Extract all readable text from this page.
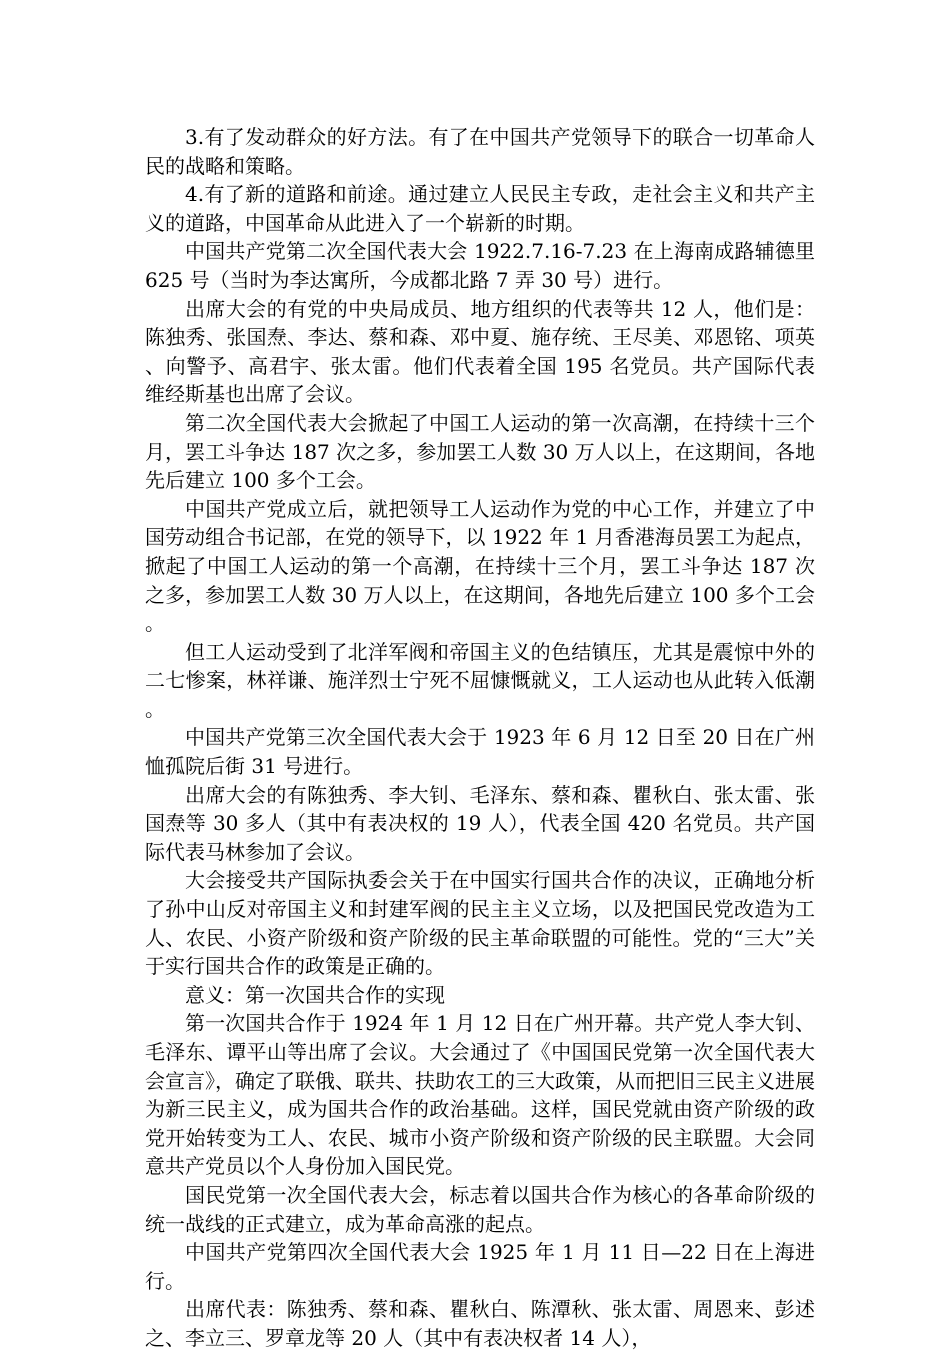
3.有了发动群众的好方法。有了在中国共产党领导下的联合一切革命人民的战略和策略。

4.有了新的道路和前途。通过建立人民民主专政，走社会主义和共产主义的道路，中国革命从此进入了一个崭新的时期。

中国共产党第二次全国代表大会 1922.7.16-7.23 在上海南成路辅德里 625 号（当时为李达寓所，今成都北路 7 弄 30 号）进行。

出席大会的有党的中央局成员、地方组织的代表等共 12 人，他们是：陈独秀、张国焘、李达、蔡和森、邓中夏、施存统、王尽美、邓恩铭、项英、向警予、高君宇、张太雷。他们代表着全国 195 名党员。共产国际代表维经斯基也出席了会议。

第二次全国代表大会掀起了中国工人运动的第一次高潮，在持续十三个月，罢工斗争达 187 次之多，参加罢工人数 30 万人以上，在这期间，各地先后建立 100 多个工会。

中国共产党成立后，就把领导工人运动作为党的中心工作，并建立了中国劳动组合书记部，在党的领导下，以 1922 年 1 月香港海员罢工为起点，掀起了中国工人运动的第一个高潮，在持续十三个月，罢工斗争达 187 次之多，参加罢工人数 30 万人以上，在这期间，各地先后建立 100 多个工会。

但工人运动受到了北洋军阀和帝国主义的色结镇压，尤其是震惊中外的二七惨案，林祥谦、施洋烈士宁死不屈慷慨就义，工人运动也从此转入低潮。

中国共产党第三次全国代表大会于 1923 年 6 月 12 日至 20 日在广州恤孤院后街 31 号进行。

出席大会的有陈独秀、李大钊、毛泽东、蔡和森、瞿秋白、张太雷、张国焘等 30 多人（其中有表决权的 19 人），代表全国 420 名党员。共产国际代表马林参加了会议。

大会接受共产国际执委会关于在中国实行国共合作的决议，正确地分析了孙中山反对帝国主义和封建军阀的民主主义立场，以及把国民党改造为工人、农民、小资产阶级和资产阶级的民主革命联盟的可能性。党的“三大”关于实行国共合作的政策是正确的。

意义：第一次国共合作的实现

第一次国共合作于 1924 年 1 月 12 日在广州开幕。共产党人李大钊、毛泽东、谭平山等出席了会议。大会通过了《中国国民党第一次全国代表大会宣言》，确定了联俄、联共、扶助农工的三大政策，从而把旧三民主义进展为新三民主义，成为国共合作的政治基础。这样，国民党就由资产阶级的政党开始转变为工人、农民、城市小资产阶级和资产阶级的民主联盟。大会同意共产党员以个人身份加入国民党。

国民党第一次全国代表大会，标志着以国共合作为核心的各革命阶级的统一战线的正式建立，成为革命高涨的起点。

中国共产党第四次全国代表大会 1925 年 1 月 11 日—22 日在上海进行。

出席代表：陈独秀、蔡和森、瞿秋白、陈潭秋、张太雷、周恩来、彭述之、李立三、罗章龙等 20 人（其中有表决权者 14 人），
